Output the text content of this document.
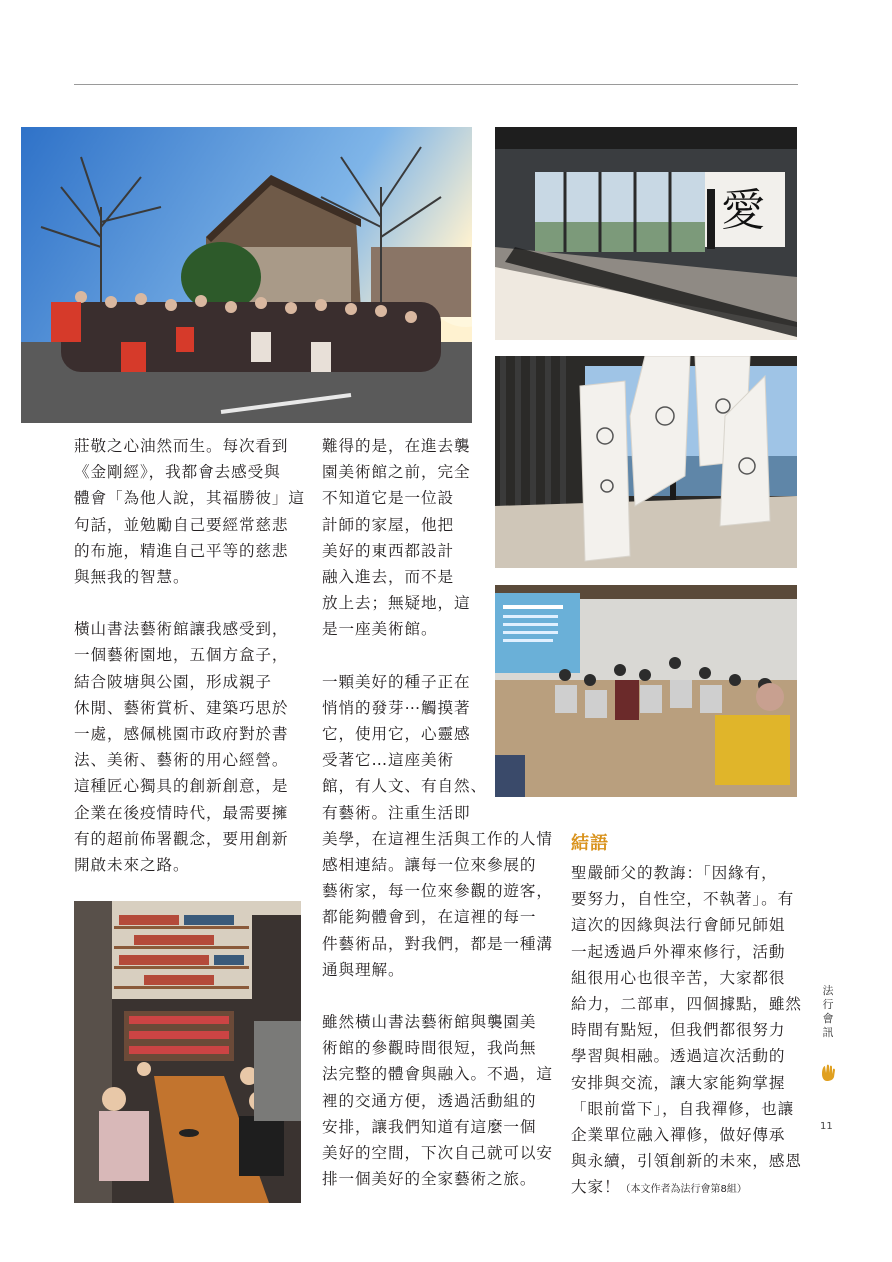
愛

莊敬之心油然而生。每次看到
《金剛經》，我都會去感受與
體會「為他人說，其福勝彼」這
句話，並勉勵自己要經常慈悲
的布施，精進自己平等的慈悲
與無我的智慧。

橫山書法藝術館讓我感受到，
一個藝術園地，五個方盒子，
結合陂塘與公園，形成親子
休閒、藝術賞析、建築巧思於
一處，感佩桃園市政府對於書
法、美術、藝術的用心經營。
這種匠心獨具的創新創意，是
企業在後疫情時代，最需要擁
有的超前佈署觀念，要用創新
開啟未來之路。

難得的是，在進去襲
園美術館之前，完全
不知道它是一位設
計師的家屋，他把
美好的東西都設計
融入進去，而不是
放上去；無疑地，這
是一座美術館。

一顆美好的種子正在
悄悄的發芽⋯觸摸著
它，使用它，心靈感
受著它…這座美術
館，有人文、有自然、
有藝術。注重生活即
美學，在這裡生活與工作的人情
感相連結。讓每一位來參展的
藝術家，每一位來參觀的遊客，
都能夠體會到，在這裡的每一
件藝術品，對我們，都是一種溝
通與理解。

雖然橫山書法藝術館與襲園美
術館的參觀時間很短，我尚無
法完整的體會與融入。不過，這
裡的交通方便，透過活動組的
安排，讓我們知道有這麼一個
美好的空間，下次自己就可以安
排一個美好的全家藝術之旅。

結語

聖嚴師父的教誨：「因緣有，
要努力，自性空，不執著」。有
這次的因緣與法行會師兄師姐
一起透過戶外禪來修行，活動
組很用心也很辛苦，大家都很
給力，二部車，四個據點，雖然
時間有點短，但我們都很努力
學習與相融。透過這次活動的
安排與交流，讓大家能夠掌握
「眼前當下」，自我禪修，也讓
企業單位融入禪修，做好傳承
與永續，引領創新的未來，感恩
大家！（本文作者為法行會第8組）

法
行
會
訊
11
